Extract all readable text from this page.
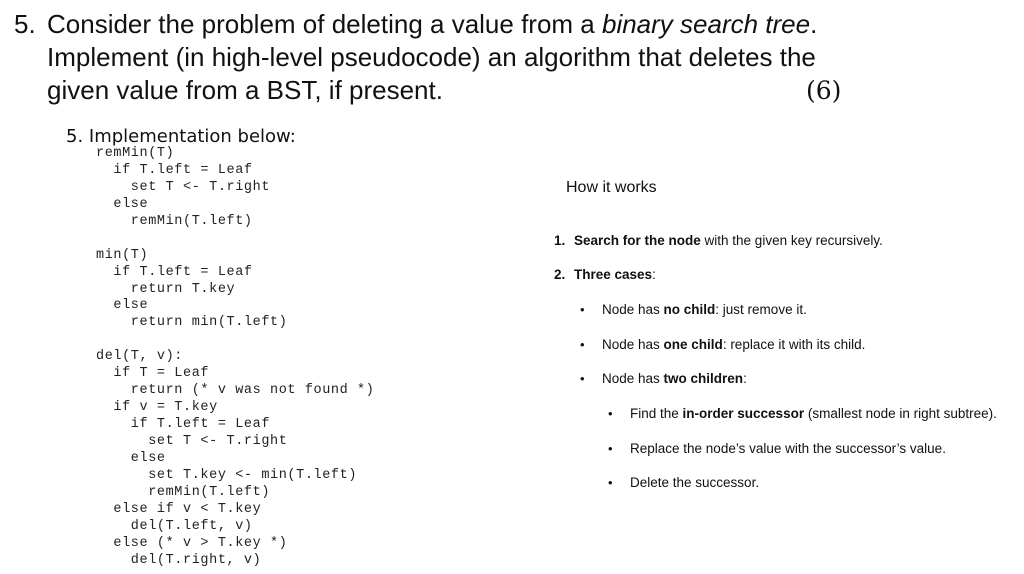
5. Consider the problem of deleting a value from a binary search tree.
Implement (in high-level pseudocode) an algorithm that deletes the
given value from a BST, if present.	(6)
5. Implementation below:
remMin(T)
if T.left = Leaf
set T <- T.right
else
remMin(T.left)
min(T)
if T.left = Leaf
return T.key
else
return min(T.left)
del(T, v):
if T = Leaf
return (* v was not found *)
if v = T.key
if T.left = Leaf
set T <- T.right
else
set T.key <- min(T.left)
remMin(T.left)
else if v < T.key
del(T.left, v)
else (* v > T.key *)
del(T.right, v)
How it works
1. Search for the node with the given key recursively.
2. Three cases:
• Node has no child: just remove it.
• Node has one child: replace it with its child.
• Node has two children:
• Find the in-order successor (smallest node in right subtree).
• Replace the node’s value with the successor’s value.
• Delete the successor.
